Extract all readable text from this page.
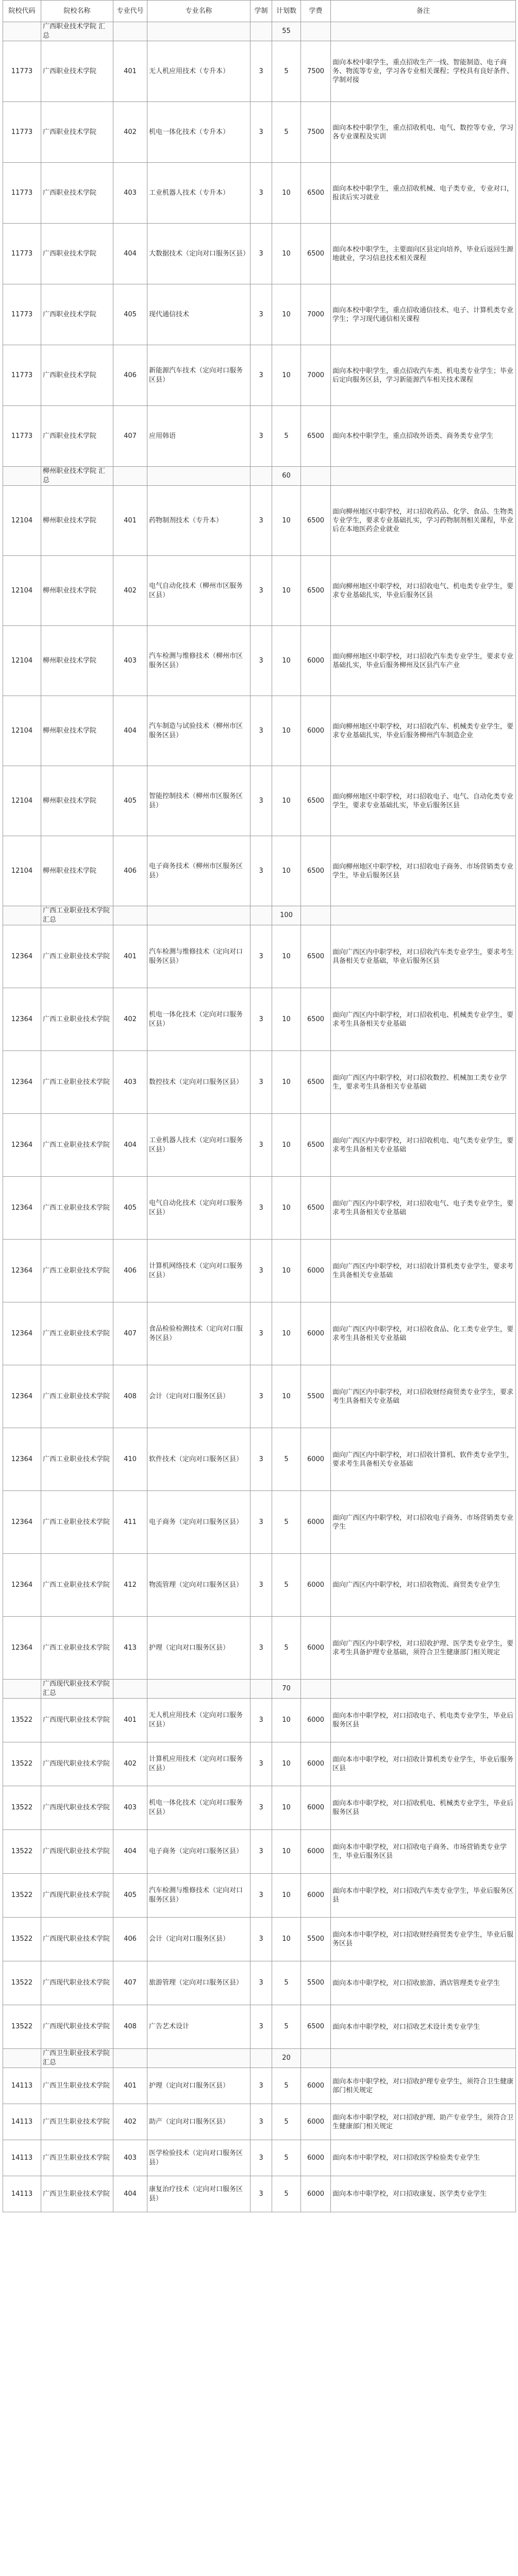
院校代码	院校名称	专业代号	专业名称	学制	计划数	学费	备注
	广西职业技术学院 汇总				55		
11773	广西职业技术学院	401	无人机应用技术（专升本）	3	5	7500	面向本校中职学生，重点招收生产一线、智能制造、电子商务、物流等专业，学习各专业相关课程；学校具有良好条件、学制对接
11773	广西职业技术学院	402	机电一体化技术（专升本）	3	5	7500	面向本校中职学生，重点招收机电、电气、数控等专业，学习各专业课程及实训
11773	广西职业技术学院	403	工业机器人技术（专升本）	3	10	6500	面向本校中职学生，重点招收机械、电子类专业，专业对口，报读后实习就业
11773	广西职业技术学院	404	大数据技术（定向对口服务区县）	3	10	6500	面向本校中职学生，主要面向区县定向培养，毕业后返回生源地就业，学习信息技术相关课程
11773	广西职业技术学院	405	现代通信技术	3	10	7000	面向本校中职学生，重点招收通信技术、电子、计算机类专业学生；学习现代通信相关课程
11773	广西职业技术学院	406	新能源汽车技术（定向对口服务区县）	3	10	7000	面向本校中职学生，重点招收汽车类、机电类专业学生；毕业后定向服务区县，学习新能源汽车相关技术课程
11773	广西职业技术学院	407	应用韩语	3	5	6500	面向本校中职学生，重点招收外语类、商务类专业学生
	柳州职业技术学院 汇总				60		
12104	柳州职业技术学院	401	药物制剂技术（专升本）	3	10	6500	面向柳州地区中职学校，对口招收药品、化学、食品、生物类专业学生，要求专业基础扎实，学习药物制剂相关课程，毕业后在本地医药企业就业
12104	柳州职业技术学院	402	电气自动化技术（柳州市区服务区县）	3	10	6500	面向柳州地区中职学校，对口招收电气、机电类专业学生，要求专业基础扎实，毕业后服务区县
12104	柳州职业技术学院	403	汽车检测与维修技术（柳州市区服务区县）	3	10	6000	面向柳州地区中职学校，对口招收汽车类专业学生，要求专业基础扎实，毕业后服务柳州及区县汽车产业
12104	柳州职业技术学院	404	汽车制造与试验技术（柳州市区服务区县）	3	10	6000	面向柳州地区中职学校，对口招收汽车、机械类专业学生，要求专业基础扎实，毕业后服务柳州汽车制造企业
12104	柳州职业技术学院	405	智能控制技术（柳州市区服务区县）	3	10	6500	面向柳州地区中职学校，对口招收电子、电气、自动化类专业学生，要求专业基础扎实，毕业后服务区县
12104	柳州职业技术学院	406	电子商务技术（柳州市区服务区县）	3	10	6500	面向柳州地区中职学校，对口招收电子商务、市场营销类专业学生，毕业后服务区县
	广西工业职业技术学院 汇总				100		
12364	广西工业职业技术学院	401	汽车检测与维修技术（定向对口服务区县）	3	10	6500	面向广西区内中职学校，对口招收汽车类专业学生，要求考生具备相关专业基础，毕业后服务区县
12364	广西工业职业技术学院	402	机电一体化技术（定向对口服务区县）	3	10	6500	面向广西区内中职学校，对口招收机电、机械类专业学生，要求考生具备相关专业基础
12364	广西工业职业技术学院	403	数控技术（定向对口服务区县）	3	10	6500	面向广西区内中职学校，对口招收数控、机械加工类专业学生，要求考生具备相关专业基础
12364	广西工业职业技术学院	404	工业机器人技术（定向对口服务区县）	3	10	6500	面向广西区内中职学校，对口招收机电、电气类专业学生，要求考生具备相关专业基础
12364	广西工业职业技术学院	405	电气自动化技术（定向对口服务区县）	3	10	6500	面向广西区内中职学校，对口招收电气、电子类专业学生，要求考生具备相关专业基础
12364	广西工业职业技术学院	406	计算机网络技术（定向对口服务区县）	3	10	6000	面向广西区内中职学校，对口招收计算机类专业学生，要求考生具备相关专业基础
12364	广西工业职业技术学院	407	食品检验检测技术（定向对口服务区县）	3	10	6000	面向广西区内中职学校，对口招收食品、化工类专业学生，要求考生具备相关专业基础
12364	广西工业职业技术学院	408	会计（定向对口服务区县）	3	10	5500	面向广西区内中职学校，对口招收财经商贸类专业学生，要求考生具备相关专业基础
12364	广西工业职业技术学院	410	软件技术（定向对口服务区县）	3	5	6000	面向广西区内中职学校，对口招收计算机、软件类专业学生，要求考生具备相关专业基础
12364	广西工业职业技术学院	411	电子商务（定向对口服务区县）	3	5	6000	面向广西区内中职学校，对口招收电子商务、市场营销类专业学生
12364	广西工业职业技术学院	412	物流管理（定向对口服务区县）	3	5	6000	面向广西区内中职学校，对口招收物流、商贸类专业学生
12364	广西工业职业技术学院	413	护理（定向对口服务区县）	3	5	6000	面向广西区内中职学校，对口招收护理、医学类专业学生，要求考生具备护理专业基础，须符合卫生健康部门相关规定
	广西现代职业技术学院 汇总				70		
13522	广西现代职业技术学院	401	无人机应用技术（定向对口服务区县）	3	10	6000	面向本市中职学校，对口招收电子、机电类专业学生，毕业后服务区县
13522	广西现代职业技术学院	402	计算机应用技术（定向对口服务区县）	3	10	6000	面向本市中职学校，对口招收计算机类专业学生，毕业后服务区县
13522	广西现代职业技术学院	403	机电一体化技术（定向对口服务区县）	3	10	6000	面向本市中职学校，对口招收机电、机械类专业学生，毕业后服务区县
13522	广西现代职业技术学院	404	电子商务（定向对口服务区县）	3	10	6000	面向本市中职学校，对口招收电子商务、市场营销类专业学生，毕业后服务区县
13522	广西现代职业技术学院	405	汽车检测与维修技术（定向对口服务区县）	3	10	6000	面向本市中职学校，对口招收汽车类专业学生，毕业后服务区县
13522	广西现代职业技术学院	406	会计（定向对口服务区县）	3	10	5500	面向本市中职学校，对口招收财经商贸类专业学生，毕业后服务区县
13522	广西现代职业技术学院	407	旅游管理（定向对口服务区县）	3	5	5500	面向本市中职学校，对口招收旅游、酒店管理类专业学生
13522	广西现代职业技术学院	408	广告艺术设计	3	5	6500	面向本市中职学校，对口招收艺术设计类专业学生
	广西卫生职业技术学院 汇总				20		
14113	广西卫生职业技术学院	401	护理（定向对口服务区县）	3	5	6000	面向本市中职学校，对口招收护理专业学生，须符合卫生健康部门相关规定
14113	广西卫生职业技术学院	402	助产（定向对口服务区县）	3	5	6000	面向本市中职学校，对口招收护理、助产专业学生，须符合卫生健康部门相关规定
14113	广西卫生职业技术学院	403	医学检验技术（定向对口服务区县）	3	5	6000	面向本市中职学校，对口招收医学检验类专业学生
14113	广西卫生职业技术学院	404	康复治疗技术（定向对口服务区县）	3	5	6000	面向本市中职学校，对口招收康复、医学类专业学生
